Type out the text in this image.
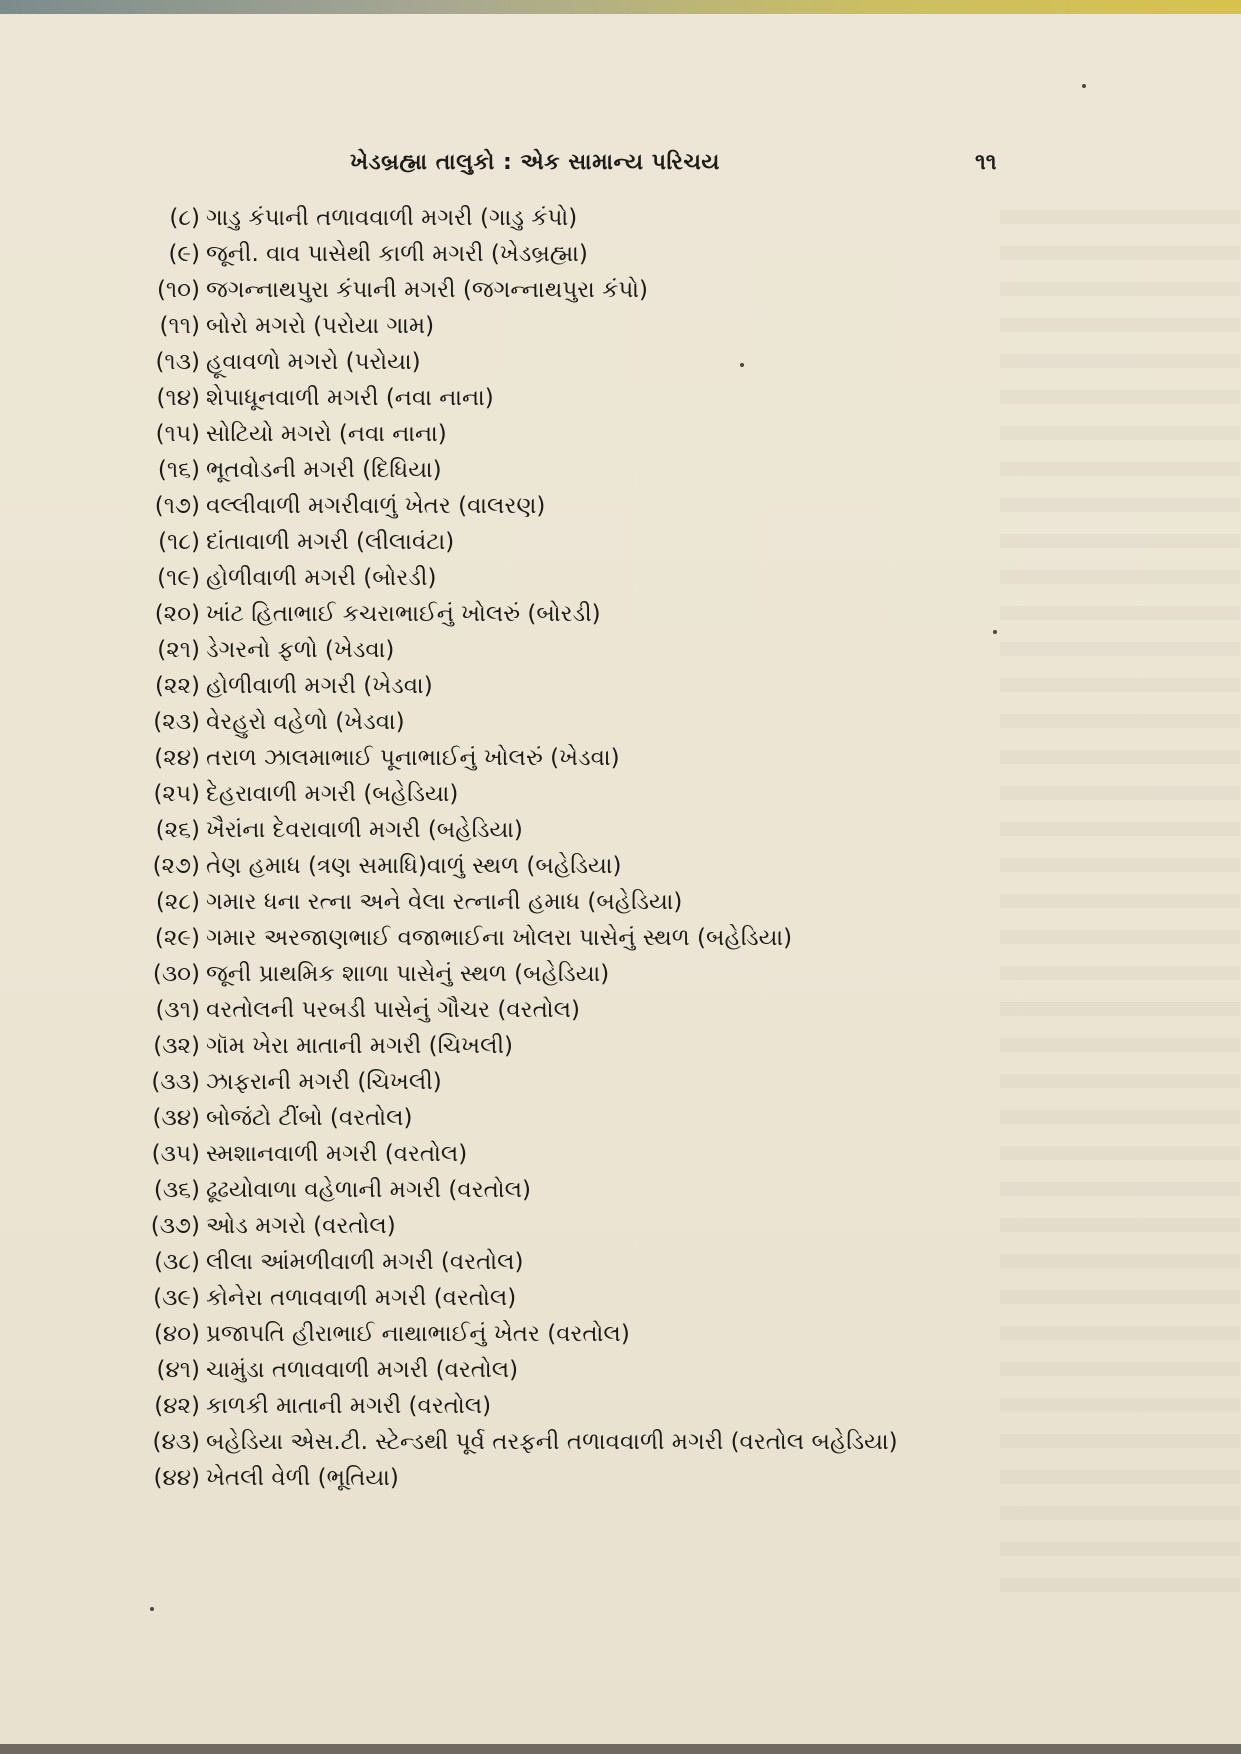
ખેડબ્રહ્મા તાલુકો : એક સામાન્ય પરિચય	૧૧
(૮) ગાડુ કંપાની તળાવવાળી મગરી (ગાડુ કંપો)
(૯) જૂની. વાવ પાસેથી કાળી મગરી (ખેડબ્રહ્મા)
(૧૦) જગન્નાથપુરા કંપાની મગરી (જગન્નાથપુરા કંપો)
(૧૧) બોરો મગરો (પરોયા ગામ)
(૧૩) હૂવાવળો મગરો (પરોયા)
(૧૪) શેપાધૂનવાળી મગરી (નવા નાના)
(૧૫) સોટિયો મગરો (નવા નાના)
(૧૬) ભૂતવોડની મગરી (દિધિયા)
(૧૭) વલ્લીવાળી મગરીવાળું ખેતર (વાલરણ)
(૧૮) દાંતાવાળી મગરી (લીલાવંટા)
(૧૯) હોળીવાળી મગરી (બોરડી)
(૨૦) ખાંટ હિતાભાઈ કચરાભાઈનું ખોલરું (બોરડી)
(૨૧) ડેગરનો ફળો (ખેડવા)
(૨૨) હોળીવાળી મગરી (ખેડવા)
(૨૩) વેરહુરો વહેળો (ખેડવા)
(૨૪) તરાળ ઝાલમાભાઈ પૂનાભાઈનું ખોલરું (ખેડવા)
(૨૫) દેહરાવાળી મગરી (બહેડિયા)
(૨૬) ખૈરાંના દેવરાવાળી મગરી (બહેડિયા)
(૨૭) તેણ હમાધ (ત્રણ સમાધિ)વાળું સ્થળ (બહેડિયા)
(૨૮) ગમાર ધના રત્ના અને વેલા રત્નાની હમાધ (બહેડિયા)
(૨૯) ગમાર અરજાણભાઈ વજાભાઈના ખોલરા પાસેનું સ્થળ (બહેડિયા)
(૩૦) જૂની પ્રાથમિક શાળા પાસેનું સ્થળ (બહેડિયા)
(૩૧) વરતોલની પરબડી પાસેનું ગૌચર (વરતોલ)
(૩૨) ગૉમ ખેરા માતાની મગરી (ચિખલી)
(૩૩) ઝાફરાની મગરી (ચિખલી)
(૩૪) બોજંટો ટીંબો (વરતોલ)
(૩૫) સ્મશાનવાળી મગરી (વરતોલ)
(૩૬) ઢૂઢયોવાળા વહેળાની મગરી (વરતોલ)
(૩૭) ઓડ મગરો (વરતોલ)
(૩૮) લીલા આંમળીવાળી મગરી (વરતોલ)
(૩૯) કોનેરા તળાવવાળી મગરી (વરતોલ)
(૪૦) પ્રજાપતિ હીરાભાઈ નાથાભાઈનું ખેતર (વરતોલ)
(૪૧) ચામુંડા તળાવવાળી મગરી (વરતોલ)
(૪૨) કાળકી માતાની મગરી (વરતોલ)
(૪૩) બહેડિયા એસ.ટી. સ્ટેન્ડથી પૂર્વ તરફની તળાવવાળી મગરી (વરતોલ બહેડિયા)
(૪૪) ખેતલી વેળી (ભૂતિયા)
